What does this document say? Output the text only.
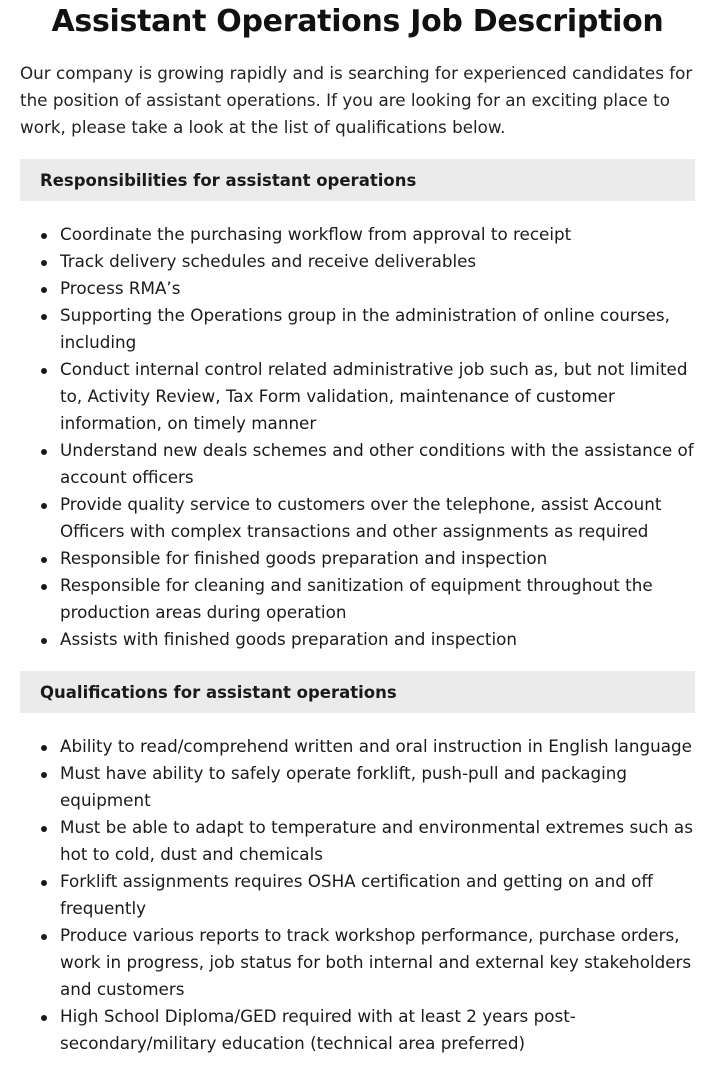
Assistant Operations Job Description

Our company is growing rapidly and is searching for experienced candidates for the position of assistant operations. If you are looking for an exciting place to work, please take a look at the list of qualifications below.

Responsibilities for assistant operations
Coordinate the purchasing workflow from approval to receipt
Track delivery schedules and receive deliverables
Process RMA’s
Supporting the Operations group in the administration of online courses, including
Conduct internal control related administrative job such as, but not limited to, Activity Review, Tax Form validation, maintenance of customer information, on timely manner
Understand new deals schemes and other conditions with the assistance of account officers
Provide quality service to customers over the telephone, assist Account Officers with complex transactions and other assignments as required
Responsible for finished goods preparation and inspection
Responsible for cleaning and sanitization of equipment throughout the production areas during operation
Assists with finished goods preparation and inspection
Qualifications for assistant operations
Ability to read/comprehend written and oral instruction in English language
Must have ability to safely operate forklift, push-pull and packaging equipment
Must be able to adapt to temperature and environmental extremes such as hot to cold, dust and chemicals
Forklift assignments requires OSHA certification and getting on and off frequently
Produce various reports to track workshop performance, purchase orders, work in progress, job status for both internal and external key stakeholders and customers
High School Diploma/GED required with at least 2 years post-secondary/military education (technical area preferred)
